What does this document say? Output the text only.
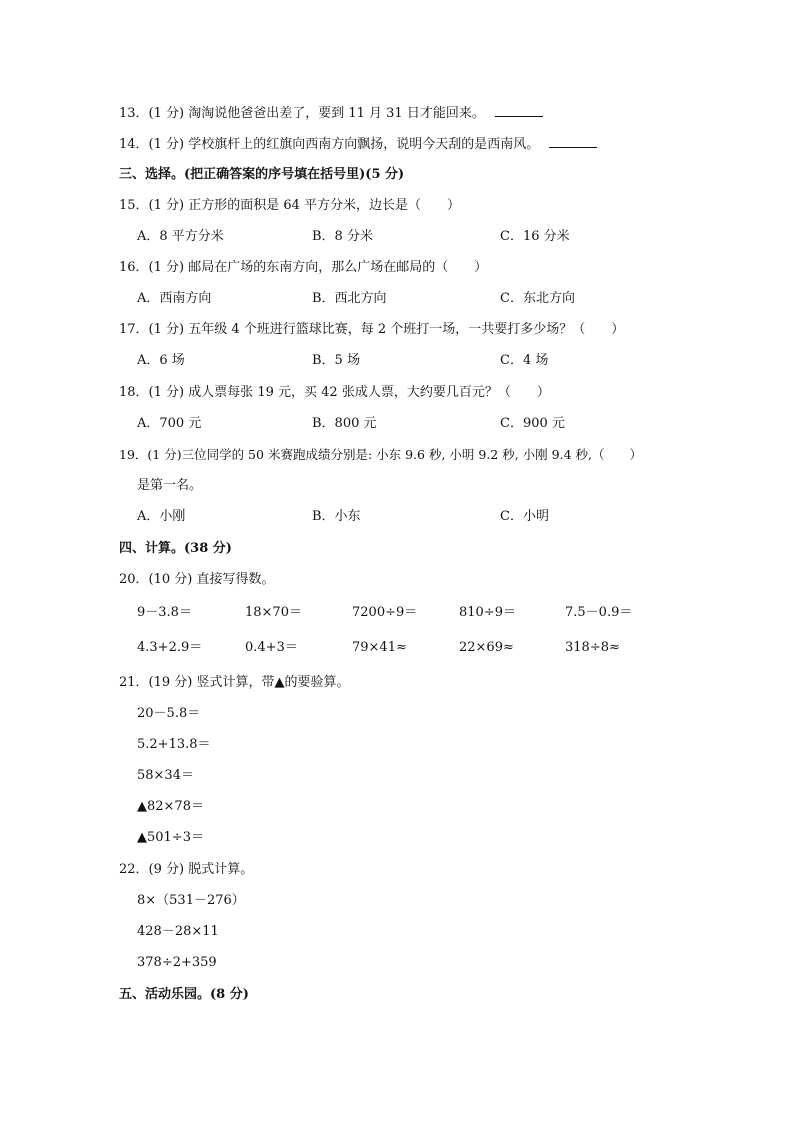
13．(1 分) 淘淘说他爸爸出差了，要到 11 月 31 日才能回来。
14．(1 分) 学校旗杆上的红旗向西南方向飘扬，说明今天刮的是西南风。
三、选择。(把正确答案的序号填在括号里)(5 分)
15．(1 分) 正方形的面积是 64 平方分米，边长是（　　）
A．8 平方分米	B．8 分米	C．16 分米
16．(1 分) 邮局在广场的东南方向，那么广场在邮局的（　　）
A．西南方向	B．西北方向	C．东北方向
17．(1 分) 五年级 4 个班进行篮球比赛，每 2 个班打一场，一共要打多少场？（　　）
A．6 场	B．5 场	C．4 场
18．(1 分) 成人票每张 19 元，买 42 张成人票，大约要几百元？（　　）
A．700 元	B．800 元	C．900 元
19．(1 分)三位同学的 50 米赛跑成绩分别是: 小东 9.6 秒, 小明 9.2 秒, 小刚 9.4 秒,（　　）
是第一名。
A．小刚	B．小东	C．小明
四、计算。(38 分)
20．(10 分) 直接写得数。
9－3.8＝	18×70＝	7200÷9＝	810÷9＝	7.5－0.9＝
4.3+2.9＝	0.4+3＝	79×41≈	22×69≈	318÷8≈
21．(19 分) 竖式计算，带▲的要验算。
20－5.8＝
5.2+13.8＝
58×34＝
▲82×78＝
▲501÷3＝
22．(9 分) 脱式计算。
8×（531－276）
428－28×11
378÷2+359
五、活动乐园。(8 分)
